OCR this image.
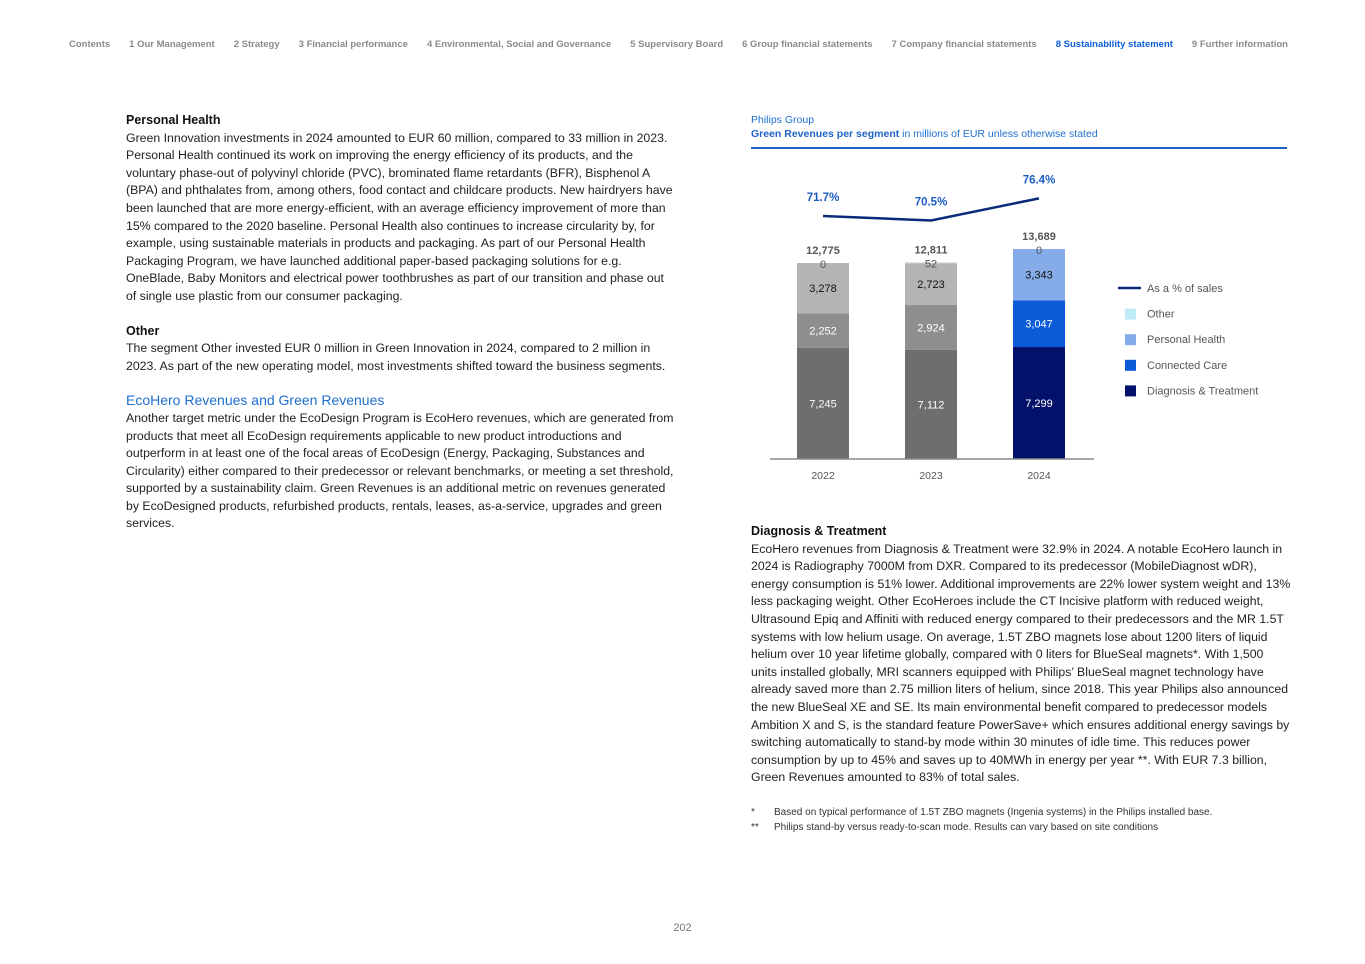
Contents 1 Our Management 2 Strategy 3 Financial performance 4 Environmental, Social and Governance 5 Supervisory Board 6 Group financial statements 7 Company financial statements 8 Sustainability statement 9 Further information
Personal Health

Green Innovation investments in 2024 amounted to EUR 60 million, compared to 33 million in 2023. Personal Health continued its work on improving the energy efficiency of its products, and the voluntary phase-out of polyvinyl chloride (PVC), brominated flame retardants (BFR), Bisphenol A (BPA) and phthalates from, among others, food contact and childcare products. New hairdryers have been launched that are more energy-efficient, with an average efficiency improvement of more than 15% compared to the 2020 baseline. Personal Health also continues to increase circularity by, for example, using sustainable materials in products and packaging. As part of our Personal Health Packaging Program, we have launched additional paper-based packaging solutions for e.g. OneBlade, Baby Monitors and electrical power toothbrushes as part of our transition and phase out of single use plastic from our consumer packaging.

Other

The segment Other invested EUR 0 million in Green Innovation in 2024, compared to 2 million in 2023. As part of the new operating model, most investments shifted toward the business segments.

EcoHero Revenues and Green Revenues

Another target metric under the EcoDesign Program is EcoHero revenues, which are generated from products that meet all EcoDesign requirements applicable to new product introductions and outperform in at least one of the focal areas of EcoDesign (Energy, Packaging, Substances and Circularity) either compared to their predecessor or relevant benchmarks, or meeting a set threshold, supported by a sustainability claim. Green Revenues is an additional metric on revenues generated by EcoDesigned products, refurbished products, rentals, leases, as-a-service, upgrades and green services.

Philips Group
Green Revenues per segment in millions of EUR unless otherwise stated
7,245
2,252
3,278
0
12,775
2022
7,112
2,924
2,723
52
12,811
2023
7,299
3,047
3,343
0
13,689
2024
71.7%	70.5%
76.4%
As a % of sales
Other
Personal Health
Connected Care
Diagnosis & Treatment
Diagnosis & Treatment

EcoHero revenues from Diagnosis & Treatment were 32.9% in 2024. A notable EcoHero launch in 2024 is Radiography 7000M from DXR. Compared to its predecessor (MobileDiagnost wDR), energy consumption is 51% lower. Additional improvements are 22% lower system weight and 13% less packaging weight. Other EcoHeroes include the CT Incisive platform with reduced weight, Ultrasound Epiq and Affiniti with reduced energy compared to their predecessors and the MR 1.5T systems with low helium usage. On average, 1.5T ZBO magnets lose about 1200 liters of liquid helium over 10 year lifetime globally, compared with 0 liters for BlueSeal magnets*. With 1,500 units installed globally, MRI scanners equipped with Philips’ BlueSeal magnet technology have already saved more than 2.75 million liters of helium, since 2018. This year Philips also announced the new BlueSeal XE and SE. Its main environmental benefit compared to predecessor models Ambition X and S, is the standard feature PowerSave+ which ensures additional energy savings by switching automatically to stand-by mode within 30 minutes of idle time. This reduces power consumption by up to 45% and saves up to 40MWh in energy per year **. With EUR 7.3 billion, Green Revenues amounted to 83% of total sales.

*	Based on typical performance of 1.5T ZBO magnets (Ingenia systems) in the Philips installed base.
**	Philips stand-by versus ready-to-scan mode. Results can vary based on site conditions
202
